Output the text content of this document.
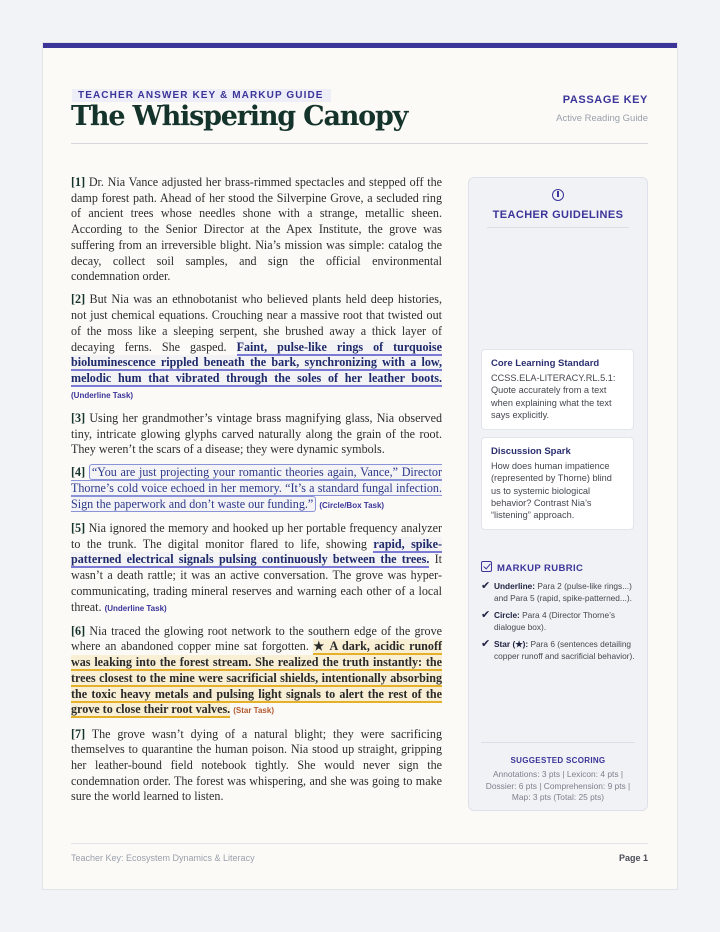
TEACHER ANSWER KEY & MARKUP GUIDE
The Whispering Canopy
PASSAGE KEY
Active Reading Guide

[1] Dr. Nia Vance adjusted her brass-rimmed spectacles and stepped off the damp forest path. Ahead of her stood the Silverpine Grove, a secluded ring of ancient trees whose needles shone with a strange, metallic sheen. According to the Senior Director at the Apex Institute, the grove was suffering from an irreversible blight. Nia’s mission was simple: catalog the decay, collect soil samples, and sign the official environmental condemnation order.

[2] But Nia was an ethnobotanist who believed plants held deep histories, not just chemical equations. Crouching near a massive root that twisted out of the moss like a sleeping serpent, she brushed away a thick layer of decaying ferns. She gasped. Faint, pulse-like rings of turquoise bioluminescence rippled beneath the bark, synchronizing with a low, melodic hum that vibrated through the soles of her leather boots. (Underline Task)

[3] Using her grandmother’s vintage brass magnifying glass, Nia observed tiny, intricate glowing glyphs carved naturally along the grain of the root. They weren’t the scars of a disease; they were dynamic symbols.

[4] “You are just projecting your romantic theories again, Vance,” Director Thorne’s cold voice echoed in her memory. “It’s a standard fungal infection. Sign the paperwork and don’t waste our funding.” (Circle/Box Task)

[5] Nia ignored the memory and hooked up her portable frequency analyzer to the trunk. The digital monitor flared to life, showing rapid, spike-patterned electrical signals pulsing continuously between the trees. It wasn’t a death rattle; it was an active conversation. The grove was hyper-communicating, trading mineral reserves and warning each other of a local threat. (Underline Task)

[6] Nia traced the glowing root network to the southern edge of the grove where an abandoned copper mine sat forgotten. ★ A dark, acidic runoff was leaking into the forest stream. She realized the truth instantly: the trees closest to the mine were sacrificial shields, intentionally absorbing the toxic heavy metals and pulsing light signals to alert the rest of the grove to close their root valves. (Star Task)

[7] The grove wasn’t dying of a natural blight; they were sacrificing themselves to quarantine the human poison. Nia stood up straight, gripping her leather-bound field notebook tightly. She would never sign the condemnation order. The forest was whispering, and she was going to make sure the world learned to listen.

TEACHER GUIDELINES
Core Learning Standard
CCSS.ELA-LITERACY.RL.5.1: Quote accurately from a text when explaining what the text says explicitly.
Discussion Spark
How does human impatience (represented by Thorne) blind us to systemic biological behavior? Contrast Nia’s “listening” approach.
MARKUP RUBRIC
✔ Underline: Para 2 (pulse-like rings...) and Para 5 (rapid, spike-patterned...).
✔ Circle: Para 4 (Director Thorne’s dialogue box).
✔ Star (★): Para 6 (sentences detailing copper runoff and sacrificial behavior).
SUGGESTED SCORING
Annotations: 3 pts | Lexicon: 4 pts | Dossier: 6 pts | Comprehension: 9 pts | Map: 3 pts (Total: 25 pts)
Teacher Key: Ecosystem Dynamics & Literacy	Page 1
